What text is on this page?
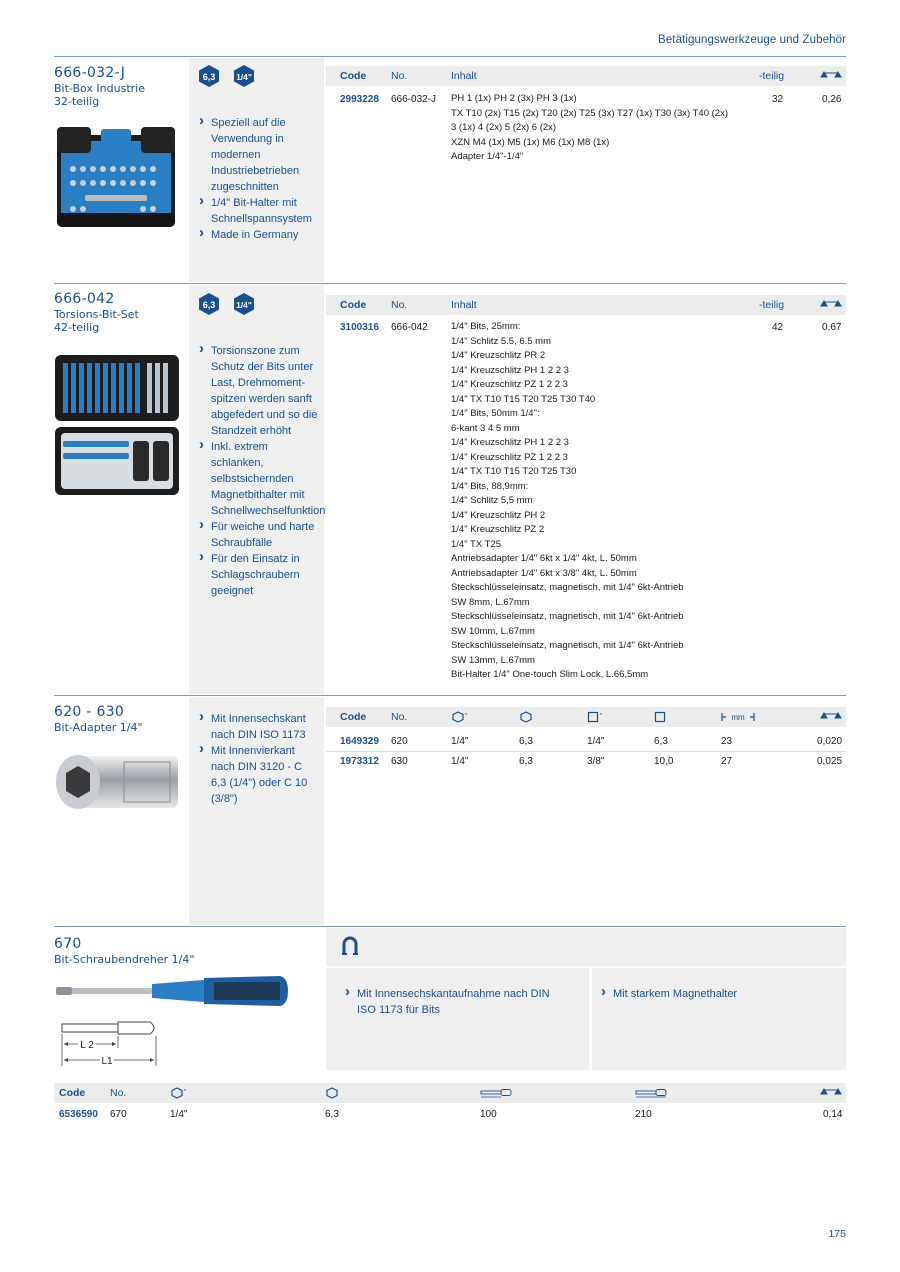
Betätigungswerkzeuge und Zubehör
666-032-J
Bit-Box Industrie
32-teilig
6,3 1/4"
› Speziell auf die Verwendung in modernen Industriebetrieben zugeschnitten
› 1/4" Bit-Halter mit Schnellspannsystem
› Made in Germany
Code No.	Inhalt	-teilig
2993228 666-032-J PH 1 (1x) PH 2 (3x) PH 3 (1x)
TX T10 (2x) T15 (2x) T20 (2x) T25 (3x) T27 (1x) T30 (3x) T40 (2x)
3 (1x) 4 (2x) 5 (2x) 6 (2x)
XZN M4 (1x) M5 (1x) M6 (1x) M8 (1x)
Adapter 1/4"-1/4"
32	0,26
666-042
Torsions-Bit-Set
42-teilig
6,3 1/4"
› Torsionszone zum Schutz der Bits unter Last, Drehmoment-spitzen werden sanft abgefedert und so die Standzeit erhöht
› Inkl. extrem schlanken, selbstsichernden Magnetbithalter mit Schnellwechselfunktion
› Für weiche und harte Schraubfälle
› Für den Einsatz in Schlagschraubern geeignet
Code No.	Inhalt	-teilig
3100316 666-042 1/4" Bits, 25mm:
1/4" Schlitz 5.5, 6.5 mm
1/4" Kreuzschlitz PR 2
1/4" Kreuzschlitz PH 1 2 2 3
1/4" Kreuzschlitz PZ 1 2 2 3
1/4" TX T10 T15 T20 T25 T30 T40
1/4" Bits, 50mm 1/4":
6-kant 3 4 5 mm
1/4" Kreuzschlitz PH 1 2 2 3
1/4" Kreuzschlitz PZ 1 2 2 3
1/4" TX T10 T15 T20 T25 T30
1/4" Bits, 88,9mm:
1/4" Schlitz 5,5 mm
1/4" Kreuzschlitz PH 2
1/4" Kreuzschlitz PZ 2
1/4" TX T25
Antriebsadapter 1/4" 6kt x 1/4" 4kt, L. 50mm
Antriebsadapter 1/4" 6kt x 3/8" 4kt, L. 50mm
Steckschlüsseleinsatz, magnetisch, mit 1/4" 6kt-Antrieb
SW 8mm, L.67mm
Steckschlüsseleinsatz, magnetisch, mit 1/4" 6kt-Antrieb
SW 10mm, L.67mm
Steckschlüsseleinsatz, magnetisch, mit 1/4" 6kt-Antrieb
SW 13mm, L.67mm
Bit-Halter 1/4" One-touch Slim Lock, L.66,5mm
42	0,67
620 - 630
Bit-Adapter 1/4"
› Mit Innensechskant nach DIN ISO 1173
› Mit Innenvierkant nach DIN 3120 - C 6,3 (1/4") oder C 10 (3/8")
Code No.	"	"	mm
1649329 620	1/4"	6,3	1/4"	6,3	23	0,020
1973312 630	1/4"	6,3	3/8"	10,0	27	0,025
670
Bit-Schraubendreher 1/4"
L 2
L1
› Mit Innensechskantaufnahme nach DIN ISO 1173 für Bits
› Mit starkem Magnethalter
Code No.	"
6536590 670	1/4"	6,3	100	210	0,14
175
